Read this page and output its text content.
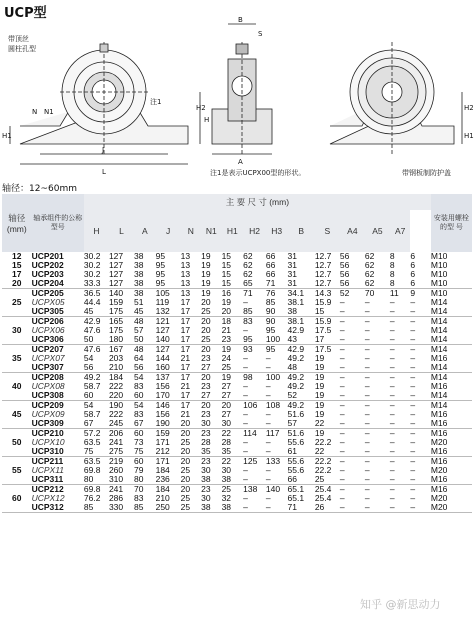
UCP型
带顶丝
圆柱孔型
B
S
A
H2
H
H1
N N1
J
L
H2
H1
注1
注1是表示UCPX00型的形状。	带钢板制防护盖
轴径：12~60mm
轴径
(mm)	轴承组件的公称型号	主 要 尺 寸 (mm)															安装用螺栓的型 号
		H	L	A	J	N	N1	H1	H2	H3	B	S	A4	A5	A7		
12	UCP201	30.2	127	38	95	13	19	15	62	66	31	12.7	56	62	8	6	M10
15	UCP202	30.2	127	38	95	13	19	15	62	66	31	12.7	56	62	8	6	M10
17	UCP203	30.2	127	38	95	13	19	15	62	66	31	12.7	56	62	8	6	M10
20	UCP204	33.3	127	38	95	13	19	15	65	71	31	12.7	56	62	8	6	M10
	UCP205	36.5	140	38	105	13	19	16	71	76	34.1	14.3	52	70	11	9	M10
25	UCPX05	44.4	159	51	119	17	20	19	–	85	38.1	15.9	–	–	–	–	M14
	UCP305	45	175	45	132	17	25	20	85	90	38	15	–	–	–	–	M14
	UCP206	42.9	165	48	121	17	20	18	83	90	38.1	15.9	–	–	–	–	M14
30	UCPX06	47.6	175	57	127	17	20	21	–	95	42.9	17.5	–	–	–	–	M14
	UCP306	50	180	50	140	17	25	23	95	100	43	17	–	–	–	–	M14
	UCP207	47.6	167	48	127	17	20	19	93	95	42.9	17.5	–	–	–	–	M14
35	UCPX07	54	203	64	144	21	23	24	–	–	49.2	19	–	–	–	–	M16
	UCP307	56	210	56	160	17	27	25	–	–	48	19	–	–	–	–	M14
	UCP208	49.2	184	54	137	17	20	19	98	100	49.2	19	–	–	–	–	M14
40	UCPX08	58.7	222	83	156	21	23	27	–	–	49.2	19	–	–	–	–	M16
	UCP308	60	220	60	170	17	27	27	–	–	52	19	–	–	–	–	M14
	UCP209	54	190	54	146	17	20	20	106	108	49.2	19	–	–	–	–	M14
45	UCPX09	58.7	222	83	156	21	23	27	–	–	51.6	19	–	–	–	–	M16
	UCP309	67	245	67	190	20	30	30	–	–	57	22	–	–	–	–	M16
	UCP210	57.2	206	60	159	20	23	22	114	117	51.6	19	–	–	–	–	M16
50	UCPX10	63.5	241	73	171	25	28	28	–	–	55.6	22.2	–	–	–	–	M20
	UCP310	75	275	75	212	20	35	35	–	–	61	22	–	–	–	–	M16
	UCP211	63.5	219	60	171	20	23	22	125	133	55.6	22.2	–	–	–	–	M16
55	UCPX11	69.8	260	79	184	25	30	30	–	–	55.6	22.2	–	–	–	–	M20
	UCP311	80	310	80	236	20	38	38	–	–	66	25	–	–	–	–	M16
	UCP212	69.8	241	70	184	20	23	25	138	140	65.1	25.4	–	–	–	–	M16
60	UCPX12	76.2	286	83	210	25	30	32	–	–	65.1	25.4	–	–	–	–	M20
	UCP312	85	330	85	250	25	38	38	–	–	71	26	–	–	–	–	M20
知乎 @新思动力
